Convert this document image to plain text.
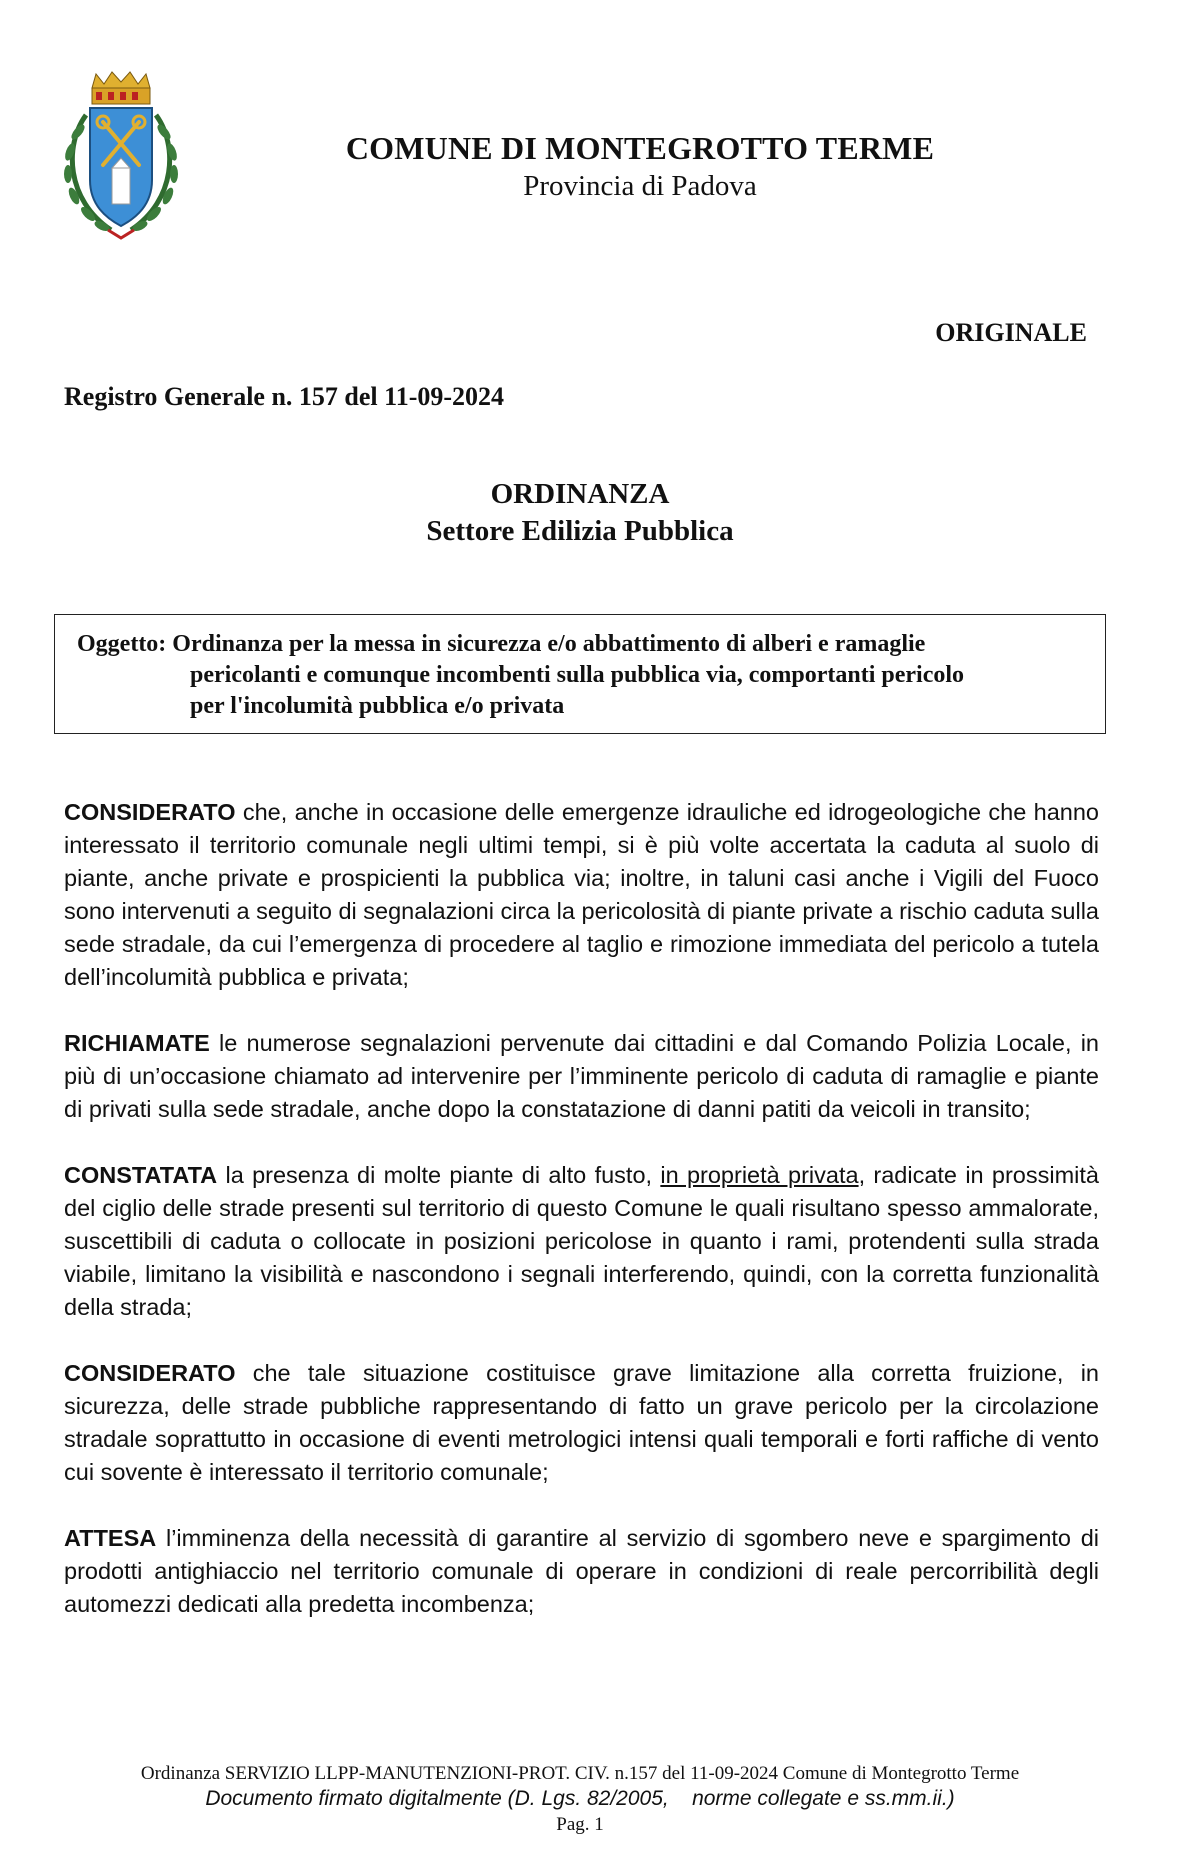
COMUNE DI MONTEGROTTO TERME
Provincia di Padova
ORIGINALE
Registro Generale n. 157 del 11-09-2024
ORDINANZA
Settore Edilizia Pubblica
Oggetto: Ordinanza per la messa in sicurezza e/o abbattimento di alberi e ramaglie
pericolanti e comunque incombenti sulla pubblica via, comportanti pericolo
per l'incolumità pubblica e/o privata

CONSIDERATO che, anche in occasione delle emergenze idrauliche ed idrogeologiche che hanno interessato il territorio comunale negli ultimi tempi, si è più volte accertata la caduta al suolo di piante, anche private e prospicienti la pubblica via; inoltre, in taluni casi anche i Vigili del Fuoco sono intervenuti a seguito di segnalazioni circa la pericolosità di piante private a rischio caduta sulla sede stradale, da cui l’emergenza di procedere al taglio e rimozione immediata del pericolo a tutela dell’incolumità pubblica e privata;

RICHIAMATE le numerose segnalazioni pervenute dai cittadini e dal Comando Polizia Locale, in più di un’occasione chiamato ad intervenire per l’imminente pericolo di caduta di ramaglie e piante di privati sulla sede stradale, anche dopo la constatazione di danni patiti da veicoli in transito;

CONSTATATA la presenza di molte piante di alto fusto, in proprietà privata, radicate in prossimità del ciglio delle strade presenti sul territorio di questo Comune le quali risultano spesso ammalorate, suscettibili di caduta o collocate in posizioni pericolose in quanto i rami, protendenti sulla strada viabile, limitano la visibilità e nascondono i segnali interferendo, quindi, con la corretta funzionalità della strada;

CONSIDERATO che tale situazione costituisce grave limitazione alla corretta fruizione, in sicurezza, delle strade pubbliche rappresentando di fatto un grave pericolo per la circolazione stradale soprattutto in occasione di eventi metrologici intensi quali temporali e forti raffiche di vento cui sovente è interessato il territorio comunale;

ATTESA l’imminenza della necessità di garantire al servizio di sgombero neve e spargimento di prodotti antighiaccio nel territorio comunale di operare in condizioni di reale percorribilità degli automezzi dedicati alla predetta incombenza;

Ordinanza SERVIZIO LLPP-MANUTENZIONI-PROT. CIV. n.157 del 11-09-2024 Comune di Montegrotto Terme
Documento firmato digitalmente (D. Lgs. 82/2005,    norme collegate e ss.mm.ii.)
Pag. 1
